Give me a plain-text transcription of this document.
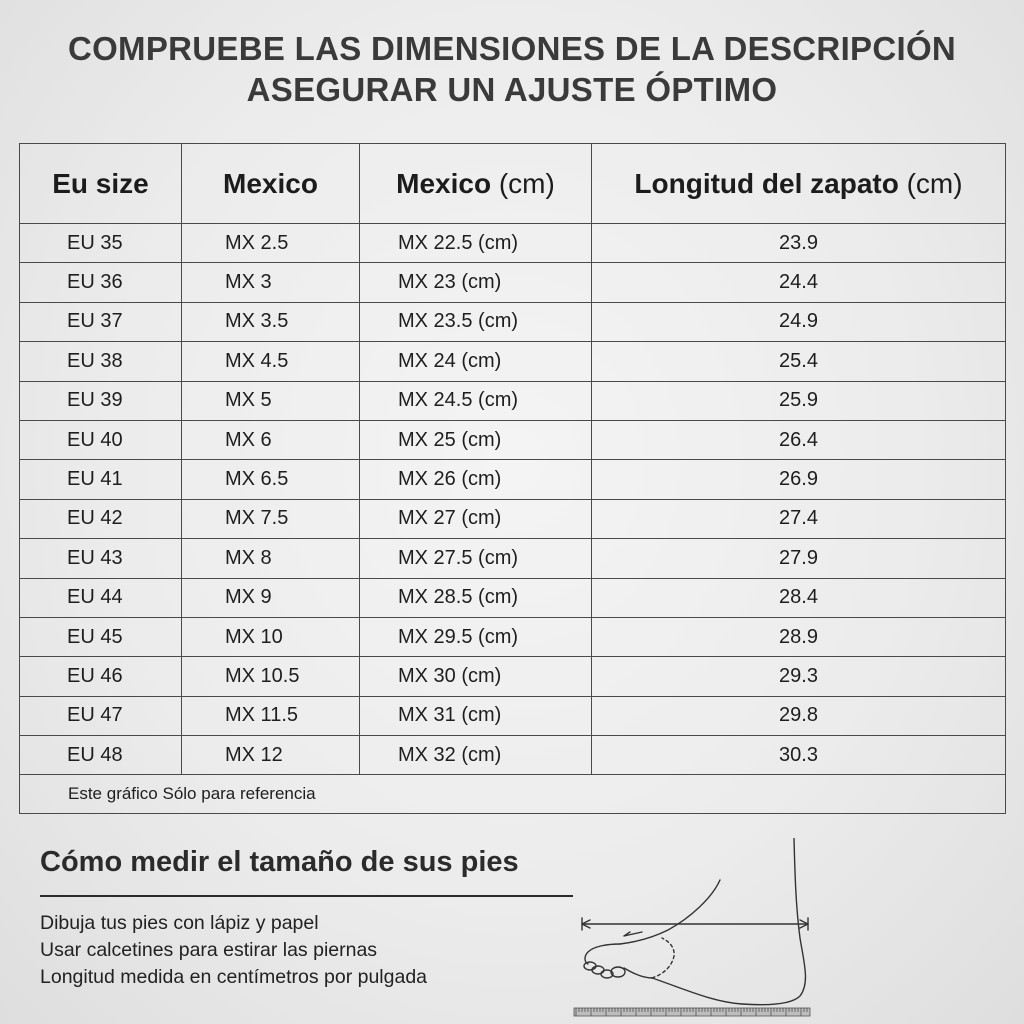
COMPRUEBE LAS DIMENSIONES DE LA DESCRIPCIÓN
ASEGURAR UN AJUSTE ÓPTIMO
Eu size	Mexico	Mexico (cm)	Longitud del zapato (cm)
EU 35	MX 2.5	MX 22.5 (cm)	23.9
EU 36	MX 3	MX 23 (cm)	24.4
EU 37	MX 3.5	MX 23.5 (cm)	24.9
EU 38	MX 4.5	MX 24 (cm)	25.4
EU 39	MX 5	MX 24.5 (cm)	25.9
EU 40	MX 6	MX 25 (cm)	26.4
EU 41	MX 6.5	MX 26 (cm)	26.9
EU 42	MX 7.5	MX 27 (cm)	27.4
EU 43	MX 8	MX 27.5 (cm)	27.9
EU 44	MX 9	MX 28.5 (cm)	28.4
EU 45	MX 10	MX 29.5 (cm)	28.9
EU 46	MX 10.5	MX 30 (cm)	29.3
EU 47	MX 11.5	MX 31 (cm)	29.8
EU 48	MX 12	MX 32 (cm)	30.3
Este gráfico Sólo para referencia			
Cómo medir el tamaño de sus pies
Dibuja tus pies con lápiz y papel
Usar calcetines para estirar las piernas
Longitud medida en centímetros por pulgada
